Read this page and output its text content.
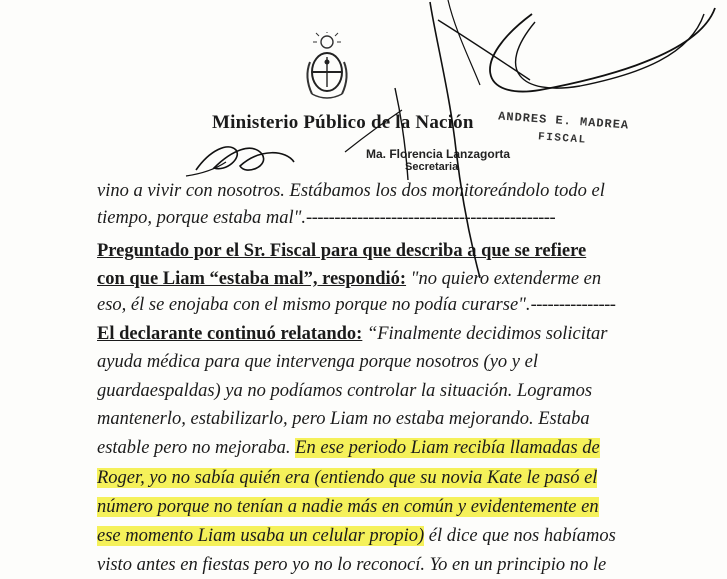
Ministerio Público de la Nación ANDRES E. MADREA
FISCAL
Ma. Florencia Lanzagorta
Secretaria
vino a vivir con nosotros. Estábamos los dos monitoreándolo todo el
tiempo, porque estaba mal".--------------------------------------------
Preguntado por el Sr. Fiscal para que describa a que se refiere
con que Liam “estaba mal”, respondió: "no quiero extenderme en
eso, él se enojaba con el mismo porque no podía curarse".---------------
El declarante continuó relatando: “Finalmente decidimos solicitar
ayuda médica para que intervenga porque nosotros (yo y el
guardaespaldas) ya no podíamos controlar la situación. Logramos
mantenerlo, estabilizarlo, pero Liam no estaba mejorando. Estaba
estable pero no mejoraba. En ese periodo Liam recibía llamadas de
Roger, yo no sabía quién era (entiendo que su novia Kate le pasó el
número porque no tenían a nadie más en común y evidentemente en
ese momento Liam usaba un celular propio) él dice que nos habíamos
visto antes en fiestas pero yo no lo reconocí. Yo en un principio no le
